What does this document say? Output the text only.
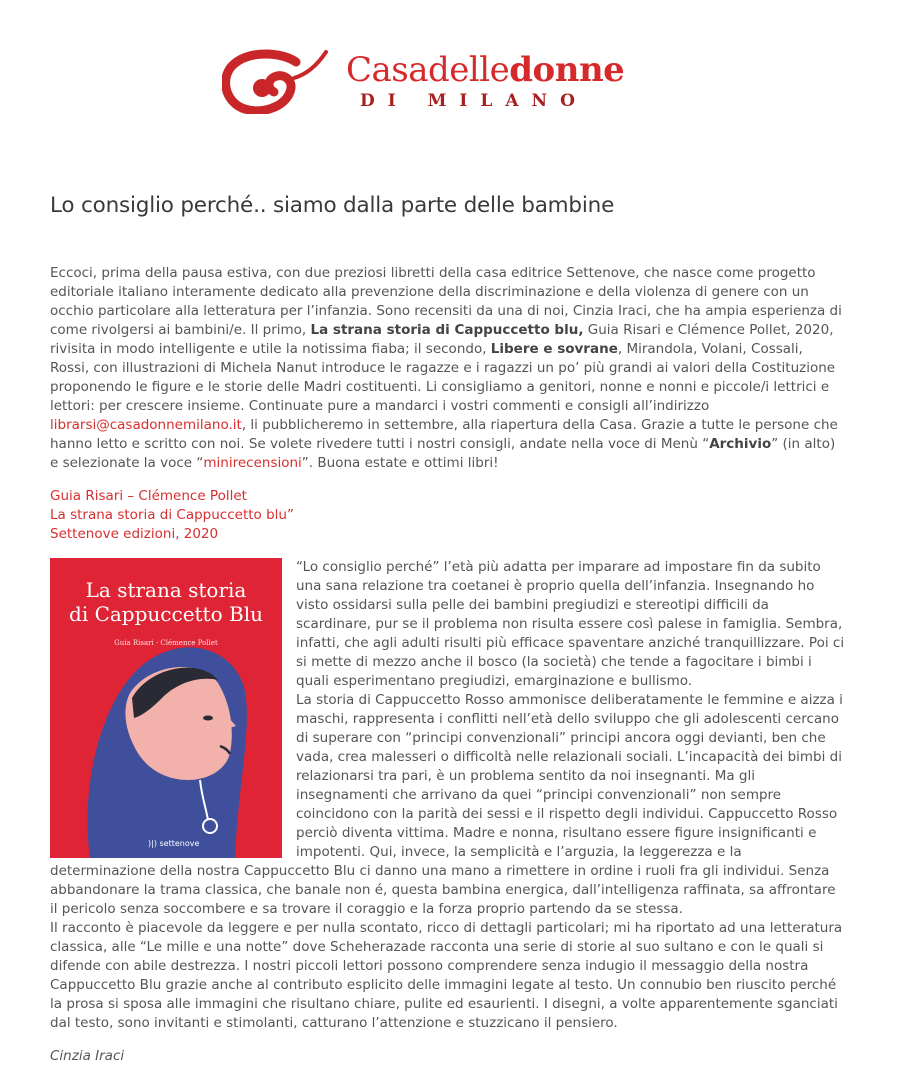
Casadelledonne
DI MILANO
Lo consiglio perché.. siamo dalla parte delle bambine

Eccoci, prima della pausa estiva, con due preziosi libretti della casa editrice Settenove, che nasce come progetto editoriale italiano interamente dedicato alla prevenzione della discriminazione e della violenza di genere con un occhio particolare alla letteratura per l’infanzia. Sono recensiti da una di noi, Cinzia Iraci, che ha ampia esperienza di come rivolgersi ai bambini/e. Il primo, La strana storia di Cappuccetto blu, Guia Risari e Clémence Pollet, 2020, rivisita in modo intelligente e utile la notissima fiaba; il secondo, Libere e sovrane, Mirandola, Volani, Cossali, Rossi, con illustrazioni di Michela Nanut introduce le ragazze e i ragazzi un po’ più grandi ai valori della Costituzione proponendo le figure e le storie delle Madri costituenti. Li consigliamo a genitori, nonne e nonni e piccole/i lettrici e lettori: per crescere insieme. Continuate pure a mandarci i vostri commenti e consigli all’indirizzo librarsi@casadonnemilano.it, li pubblicheremo in settembre, alla riapertura della Casa. Grazie a tutte le persone che hanno letto e scritto con noi. Se volete rivedere tutti i nostri consigli, andate nella voce di Menù “Archivio” (in alto) e selezionate la voce “minirecensioni”. Buona estate e ottimi libri!

Guia Risari – Clémence Pollet
La strana storia di Cappuccetto blu”
Settenove edizioni, 2020
La strana storia
di Cappuccetto Blu
Guia Risari · Clémence Pollet
)|) settenove

“Lo consiglio perché” l’età più adatta per imparare ad impostare fin da subito una sana relazione tra coetanei è proprio quella dell’infanzia. Insegnando ho visto ossidarsi sulla pelle dei bambini pregiudizi e stereotipi difficili da scardinare, pur se il problema non risulta essere così palese in famiglia. Sembra, infatti, che agli adulti risulti più efficace spaventare anziché tranquillizzare. Poi ci si mette di mezzo anche il bosco (la società) che tende a fagocitare i bimbi i quali esperimentano pregiudizi, emarginazione e bullismo.

La storia di Cappuccetto Rosso ammonisce deliberatamente le femmine e aizza i maschi, rappresenta i conflitti nell’età dello sviluppo che gli adolescenti cercano di superare con “principi convenzionali” principi ancora oggi devianti, ben che vada, crea malesseri o difficoltà nelle relazionali sociali. L’incapacità dei bimbi di relazionarsi tra pari, è un problema sentito da noi insegnanti. Ma gli insegnamenti che arrivano da quei “principi convenzionali” non sempre coincidono con la parità dei sessi e il rispetto degli individui. Cappuccetto Rosso perciò diventa vittima. Madre e nonna, risultano essere figure insignificanti e impotenti. Qui, invece, la semplicità e l’arguzia, la leggerezza e la determinazione della nostra Cappuccetto Blu ci danno una mano a rimettere in ordine i ruoli fra gli individui. Senza abbandonare la trama classica, che banale non é, questa bambina energica, dall’intelligenza raffinata, sa affrontare il pericolo senza soccombere e sa trovare il coraggio e la forza proprio partendo da se stessa.

Il racconto è piacevole da leggere e per nulla scontato, ricco di dettagli particolari; mi ha riportato ad una letteratura classica, alle “Le mille e una notte” dove Scheherazade racconta una serie di storie al suo sultano e con le quali si difende con abile destrezza. I nostri piccoli lettori possono comprendere senza indugio il messaggio della nostra Cappuccetto Blu grazie anche al contributo esplicito delle immagini legate al testo. Un connubio ben riuscito perché la prosa si sposa alle immagini che risultano chiare, pulite ed esaurienti. I disegni, a volte apparentemente sganciati dal testo, sono invitanti e stimolanti, catturano l’attenzione e stuzzicano il pensiero.

Cinzia Iraci
